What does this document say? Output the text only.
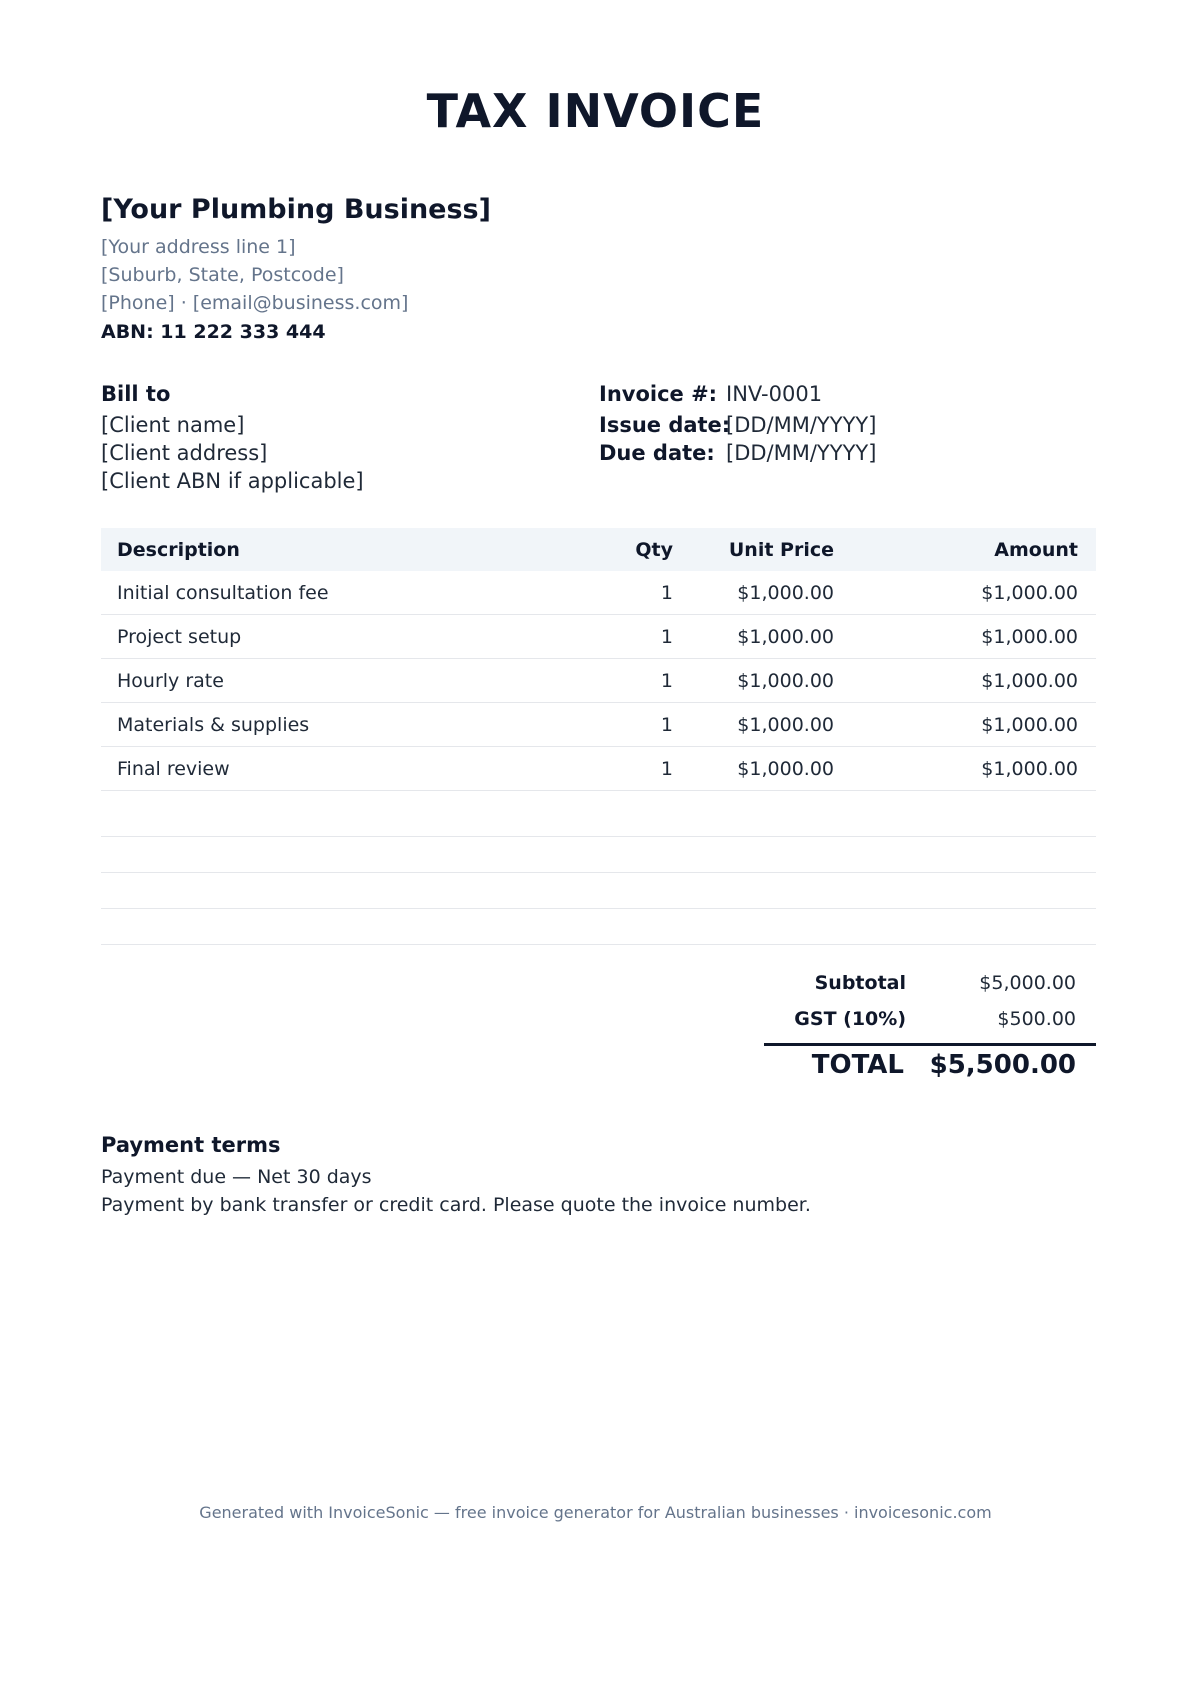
TAX INVOICE
[Your Plumbing Business]
[Your address line 1]
[Suburb, State, Postcode]
[Phone] · [email@business.com]
ABN: 11 222 333 444
Bill to
[Client name]
[Client address]
[Client ABN if applicable]
Invoice #: INV-0001
Issue date:
[DD/MM/YYYY]
Due date: [DD/MM/YYYY]
Description	Qty	Unit Price	Amount
Initial consultation fee	1	$1,000.00	$1,000.00
Project setup	1	$1,000.00	$1,000.00
Hourly rate	1	$1,000.00	$1,000.00
Materials & supplies	1	$1,000.00	$1,000.00
Final review	1	$1,000.00	$1,000.00
Subtotal	$5,000.00
GST (10%)	$500.00
TOTAL $5,500.00
Payment terms
Payment due — Net 30 days
Payment by bank transfer or credit card. Please quote the invoice number.
Generated with InvoiceSonic — free invoice generator for Australian businesses · invoicesonic.com
